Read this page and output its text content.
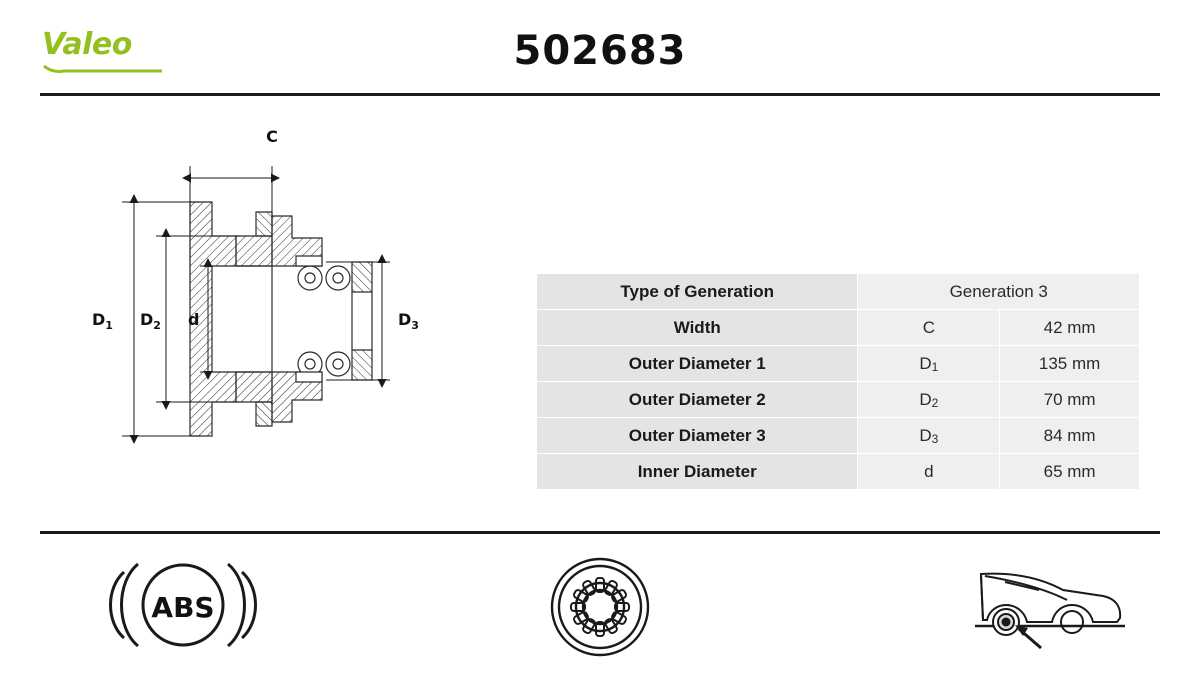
Valeo	502683
C
$D_1$ $D_2$ d	$D_3$
Type of Generation	Generation 3	
Width	C	42 mm
Outer Diameter 1	D1	135 mm
Outer Diameter 2	D2	70 mm
Outer Diameter 3	D3	84 mm
Inner Diameter	d	65 mm
ABS
